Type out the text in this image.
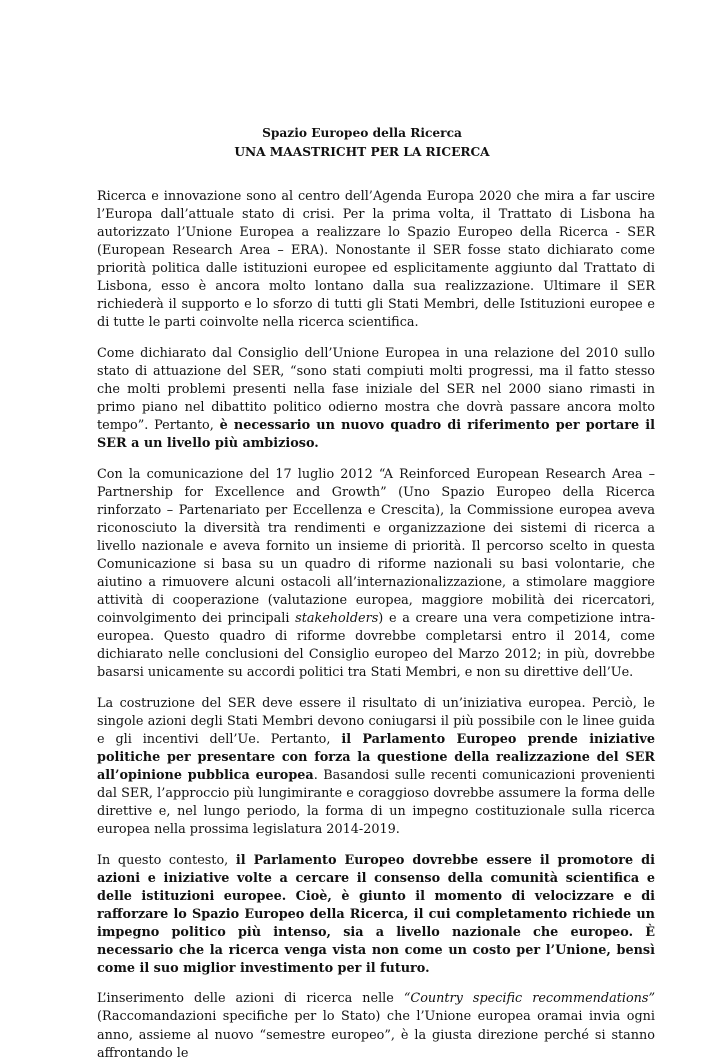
Spazio Europeo della Ricerca
UNA MAASTRICHT PER LA RICERCA

Ricerca e innovazione sono al centro dell’Agenda Europa 2020 che mira a far uscire l’Europa dall’attuale stato di crisi. Per la prima volta, il Trattato di Lisbona ha autorizzato l’Unione Europea a realizzare lo Spazio Europeo della Ricerca - SER (European Research Area – ERA). Nonostante il SER fosse stato dichiarato come priorità politica dalle istituzioni europee ed esplicitamente aggiunto dal Trattato di Lisbona, esso è ancora molto lontano dalla sua realizzazione. Ultimare il SER richiederà il supporto e lo sforzo di tutti gli Stati Membri, delle Istituzioni europee e di tutte le parti coinvolte nella ricerca scientifica.

Come dichiarato dal Consiglio dell’Unione Europea in una relazione del 2010 sullo stato di attuazione del SER, “sono stati compiuti molti progressi, ma il fatto stesso che molti problemi presenti nella fase iniziale del SER nel 2000 siano rimasti in primo piano nel dibattito politico odierno mostra che dovrà passare ancora molto tempo”. Pertanto, è necessario un nuovo quadro di riferimento per portare il SER a un livello più ambizioso.

Con la comunicazione del 17 luglio 2012 “A Reinforced European Research Area – Partnership for Excellence and Growth” (Uno Spazio Europeo della Ricerca rinforzato – Partenariato per Eccellenza e Crescita), la Commissione europea aveva riconosciuto la diversità tra rendimenti e organizzazione dei sistemi di ricerca a livello nazionale e aveva fornito un insieme di priorità. Il percorso scelto in questa Comunicazione si basa su un quadro di riforme nazionali su basi volontarie, che aiutino a rimuovere alcuni ostacoli all’internazionalizzazione, a stimolare maggiore attività di cooperazione (valutazione europea, maggiore mobilità dei ricercatori, coinvolgimento dei principali stakeholders) e a creare una vera competizione intra-europea. Questo quadro di riforme dovrebbe completarsi entro il 2014, come dichiarato nelle conclusioni del Consiglio europeo del Marzo 2012; in più, dovrebbe basarsi unicamente su accordi politici tra Stati Membri, e non su direttive dell’Ue.

La costruzione del SER deve essere il risultato di un’iniziativa europea. Perciò, le singole azioni degli Stati Membri devono coniugarsi il più possibile con le linee guida e gli incentivi dell’Ue. Pertanto, il Parlamento Europeo prende iniziative politiche per presentare con forza la questione della realizzazione del SER all’opinione pubblica europea. Basandosi sulle recenti comunicazioni provenienti dal SER, l’approccio più lungimirante e coraggioso dovrebbe assumere la forma delle direttive e, nel lungo periodo, la forma di un impegno costituzionale sulla ricerca europea nella prossima legislatura 2014-2019.

In questo contesto, il Parlamento Europeo dovrebbe essere il promotore di azioni e iniziative volte a cercare il consenso della comunità scientifica e delle istituzioni europee. Cioè, è giunto il momento di velocizzare e di rafforzare lo Spazio Europeo della Ricerca, il cui completamento richiede un impegno politico più intenso, sia a livello nazionale che europeo. È necessario che la ricerca venga vista non come un costo per l’Unione, bensì come il suo miglior investimento per il futuro.

L’inserimento delle azioni di ricerca nelle “Country specific recommendations” (Raccomandazioni specifiche per lo Stato) che l’Unione europea oramai invia ogni anno, assieme al nuovo “semestre europeo”, è la giusta direzione perché si stanno affrontando le
